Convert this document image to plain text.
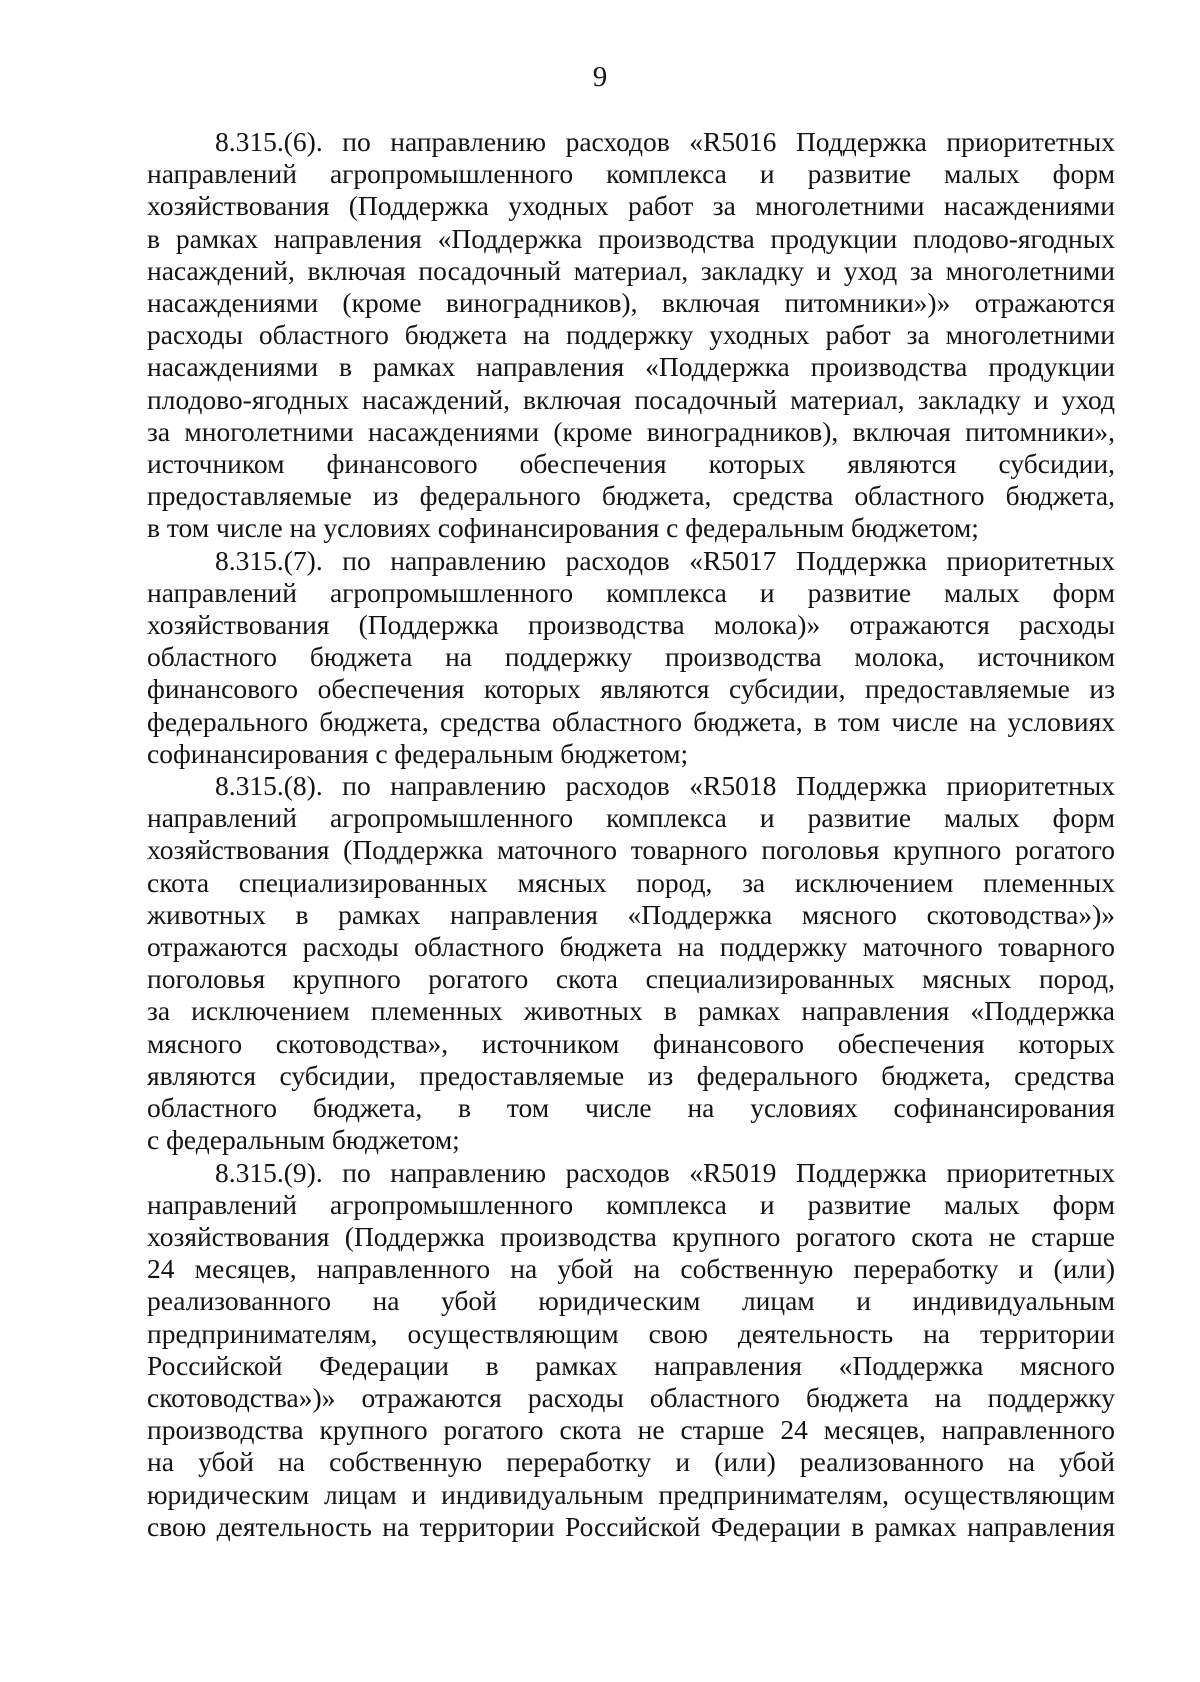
9
8.315.(6). по направлению расходов «R5016 Поддержка приоритетных
направлений агропромышленного комплекса и развитие малых форм
хозяйствования (Поддержка уходных работ за многолетними насаждениями
в рамках направления «Поддержка производства продукции плодово-ягодных
насаждений, включая посадочный материал, закладку и уход за многолетними
насаждениями (кроме виноградников), включая питомники»)» отражаются
расходы областного бюджета на поддержку уходных работ за многолетними
насаждениями в рамках направления «Поддержка производства продукции
плодово-ягодных насаждений, включая посадочный материал, закладку и уход
за многолетними насаждениями (кроме виноградников), включая питомники»,
источником финансового обеспечения которых являются субсидии,
предоставляемые из федерального бюджета, средства областного бюджета,
в том числе на условиях софинансирования с федеральным бюджетом;
8.315.(7). по направлению расходов «R5017 Поддержка приоритетных
направлений агропромышленного комплекса и развитие малых форм
хозяйствования (Поддержка производства молока)» отражаются расходы
областного бюджета на поддержку производства молока, источником
финансового обеспечения которых являются субсидии, предоставляемые из
федерального бюджета, средства областного бюджета, в том числе на условиях
софинансирования с федеральным бюджетом;
8.315.(8). по направлению расходов «R5018 Поддержка приоритетных
направлений агропромышленного комплекса и развитие малых форм
хозяйствования (Поддержка маточного товарного поголовья крупного рогатого
скота специализированных мясных пород, за исключением племенных
животных в рамках направления «Поддержка мясного скотоводства»)»
отражаются расходы областного бюджета на поддержку маточного товарного
поголовья крупного рогатого скота специализированных мясных пород,
за исключением племенных животных в рамках направления «Поддержка
мясного скотоводства», источником финансового обеспечения которых
являются субсидии, предоставляемые из федерального бюджета, средства
областного бюджета, в том числе на условиях софинансирования
с федеральным бюджетом;
8.315.(9). по направлению расходов «R5019 Поддержка приоритетных
направлений агропромышленного комплекса и развитие малых форм
хозяйствования (Поддержка производства крупного рогатого скота не старше
24 месяцев, направленного на убой на собственную переработку и (или)
реализованного на убой юридическим лицам и индивидуальным
предпринимателям, осуществляющим свою деятельность на территории
Российской Федерации в рамках направления «Поддержка мясного
скотоводства»)» отражаются расходы областного бюджета на поддержку
производства крупного рогатого скота не старше 24 месяцев, направленного
на убой на собственную переработку и (или) реализованного на убой
юридическим лицам и индивидуальным предпринимателям, осуществляющим
свою деятельность на территории Российской Федерации в рамках направления
